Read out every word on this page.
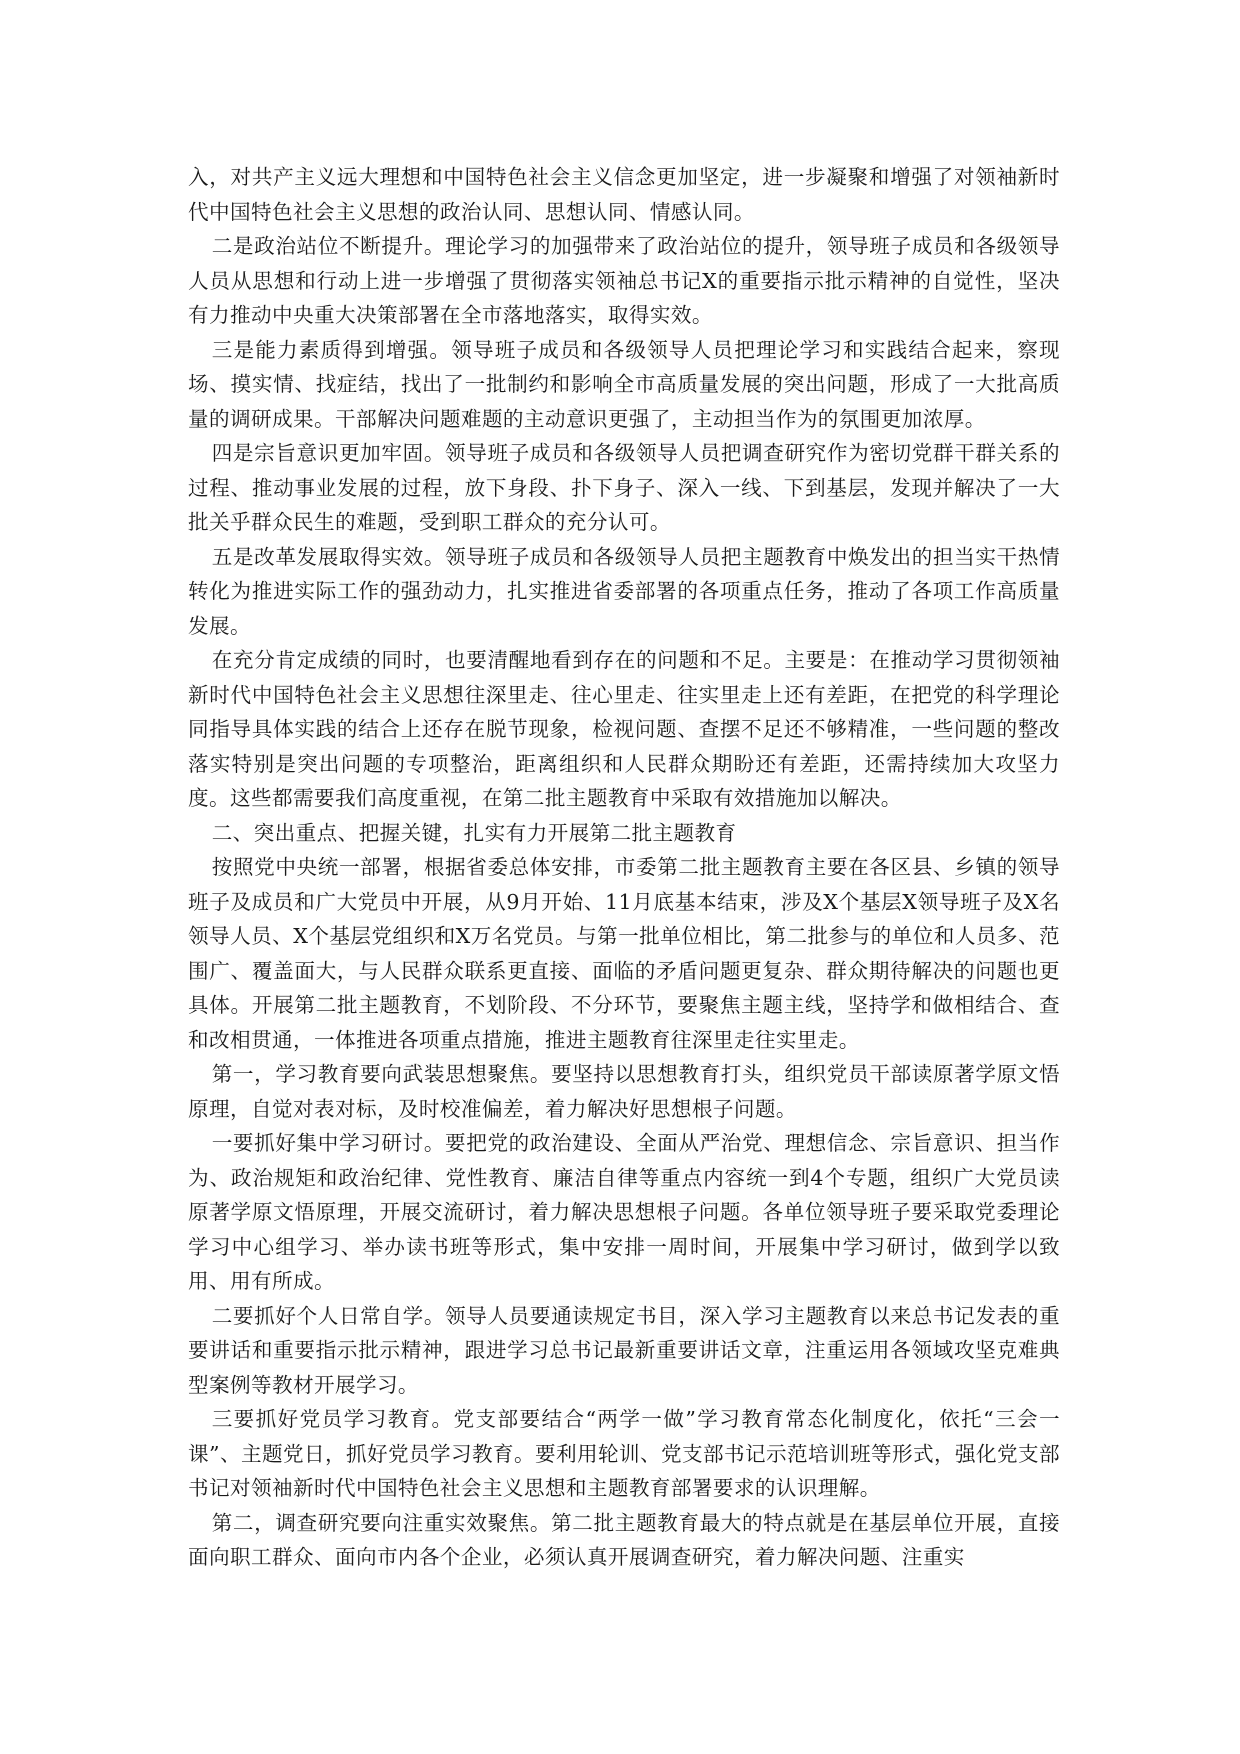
入，对共产主义远大理想和中国特色社会主义信念更加坚定，进一步凝聚和增强了对领袖新时代中国特色社会主义思想的政治认同、思想认同、情感认同。

二是政治站位不断提升。理论学习的加强带来了政治站位的提升，领导班子成员和各级领导人员从思想和行动上进一步增强了贯彻落实领袖总书记X的重要指示批示精神的自觉性，坚决有力推动中央重大决策部署在全市落地落实，取得实效。

三是能力素质得到增强。领导班子成员和各级领导人员把理论学习和实践结合起来，察现场、摸实情、找症结，找出了一批制约和影响全市高质量发展的突出问题，形成了一大批高质量的调研成果。干部解决问题难题的主动意识更强了，主动担当作为的氛围更加浓厚。

四是宗旨意识更加牢固。领导班子成员和各级领导人员把调查研究作为密切党群干群关系的过程、推动事业发展的过程，放下身段、扑下身子、深入一线、下到基层，发现并解决了一大批关乎群众民生的难题，受到职工群众的充分认可。

五是改革发展取得实效。领导班子成员和各级领导人员把主题教育中焕发出的担当实干热情转化为推进实际工作的强劲动力，扎实推进省委部署的各项重点任务，推动了各项工作高质量发展。

在充分肯定成绩的同时，也要清醒地看到存在的问题和不足。主要是：在推动学习贯彻领袖新时代中国特色社会主义思想往深里走、往心里走、往实里走上还有差距，在把党的科学理论同指导具体实践的结合上还存在脱节现象，检视问题、查摆不足还不够精准，一些问题的整改落实特别是突出问题的专项整治，距离组织和人民群众期盼还有差距，还需持续加大攻坚力度。这些都需要我们高度重视，在第二批主题教育中采取有效措施加以解决。

二、突出重点、把握关键，扎实有力开展第二批主题教育

按照党中央统一部署，根据省委总体安排，市委第二批主题教育主要在各区县、乡镇的领导班子及成员和广大党员中开展，从9月开始、11月底基本结束，涉及X个基层X领导班子及X名领导人员、X个基层党组织和X万名党员。与第一批单位相比，第二批参与的单位和人员多、范围广、覆盖面大，与人民群众联系更直接、面临的矛盾问题更复杂、群众期待解决的问题也更具体。开展第二批主题教育，不划阶段、不分环节，要聚焦主题主线，坚持学和做相结合、查和改相贯通，一体推进各项重点措施，推进主题教育往深里走往实里走。

第一，学习教育要向武装思想聚焦。要坚持以思想教育打头，组织党员干部读原著学原文悟原理，自觉对表对标，及时校准偏差，着力解决好思想根子问题。

一要抓好集中学习研讨。要把党的政治建设、全面从严治党、理想信念、宗旨意识、担当作为、政治规矩和政治纪律、党性教育、廉洁自律等重点内容统一到4个专题，组织广大党员读原著学原文悟原理，开展交流研讨，着力解决思想根子问题。各单位领导班子要采取党委理论学习中心组学习、举办读书班等形式，集中安排一周时间，开展集中学习研讨，做到学以致用、用有所成。

二要抓好个人日常自学。领导人员要通读规定书目，深入学习主题教育以来总书记发表的重要讲话和重要指示批示精神，跟进学习总书记最新重要讲话文章，注重运用各领域攻坚克难典型案例等教材开展学习。

三要抓好党员学习教育。党支部要结合“两学一做”学习教育常态化制度化，依托“三会一课”、主题党日，抓好党员学习教育。要利用轮训、党支部书记示范培训班等形式，强化党支部书记对领袖新时代中国特色社会主义思想和主题教育部署要求的认识理解。

第二，调查研究要向注重实效聚焦。第二批主题教育最大的特点就是在基层单位开展，直接面向职工群众、面向市内各个企业，必须认真开展调查研究，着力解决问题、注重实
